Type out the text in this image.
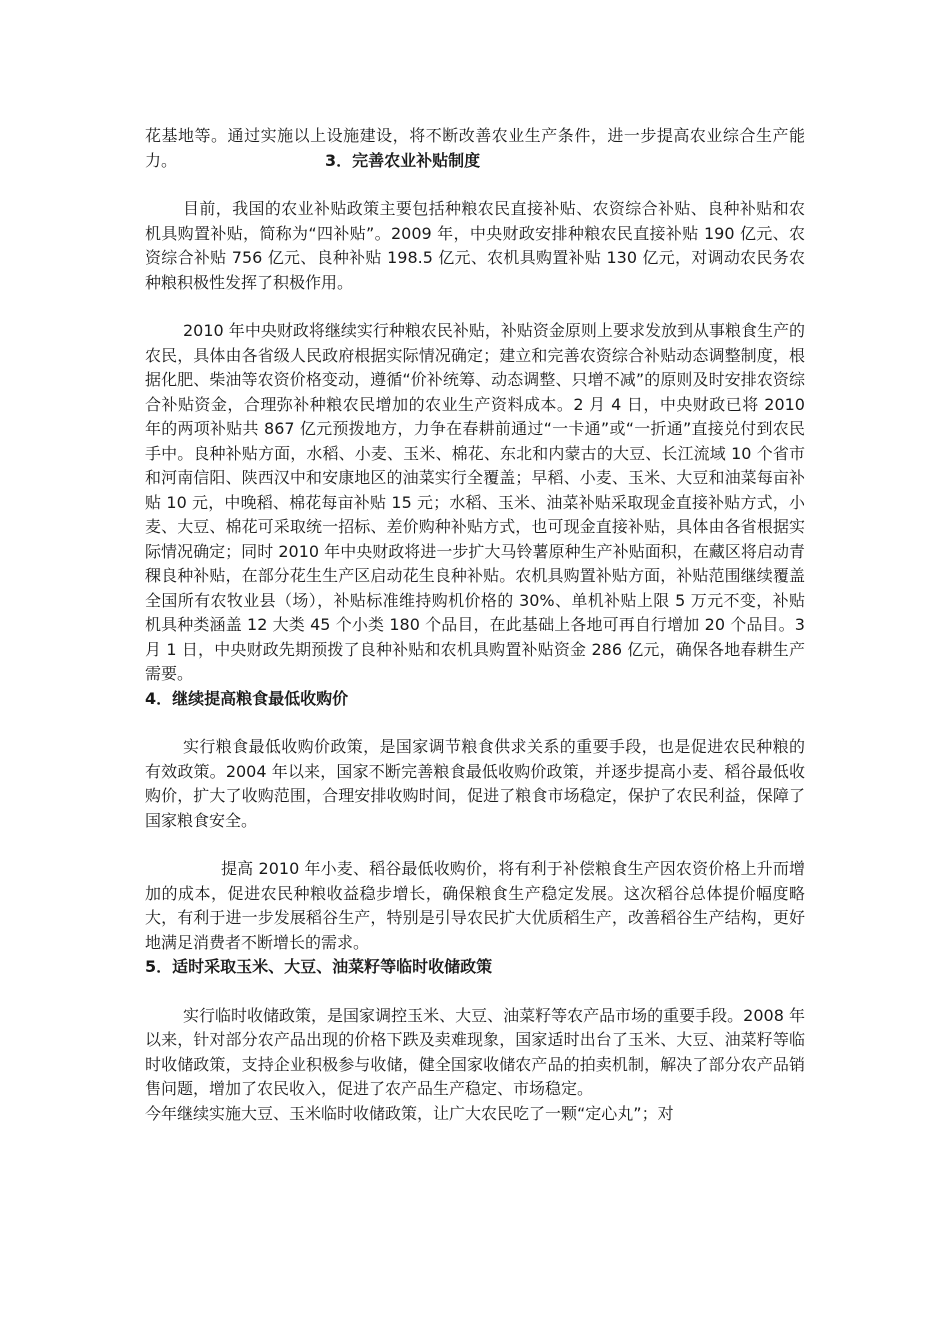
花基地等。通过实施以上设施建设，将不断改善农业生产条件，进一步提高农业综合生产能力。	3．完善农业补贴制度

目前，我国的农业补贴政策主要包括种粮农民直接补贴、农资综合补贴、良种补贴和农机具购置补贴，简称为“四补贴”。2009 年，中央财政安排种粮农民直接补贴 190 亿元、农资综合补贴 756 亿元、良种补贴 198.5 亿元、农机具购置补贴 130 亿元，对调动农民务农种粮积极性发挥了积极作用。

2010 年中央财政将继续实行种粮农民补贴，补贴资金原则上要求发放到从事粮食生产的农民，具体由各省级人民政府根据实际情况确定；建立和完善农资综合补贴动态调整制度，根据化肥、柴油等农资价格变动，遵循“价补统筹、动态调整、只增不减”的原则及时安排农资综合补贴资金，合理弥补种粮农民增加的农业生产资料成本。2 月 4 日，中央财政已将 2010 年的两项补贴共 867 亿元预拨地方，力争在春耕前通过“一卡通”或“一折通”直接兑付到农民手中。良种补贴方面，水稻、小麦、玉米、棉花、东北和内蒙古的大豆、长江流域 10 个省市和河南信阳、陕西汉中和安康地区的油菜实行全覆盖；早稻、小麦、玉米、大豆和油菜每亩补贴 10 元，中晚稻、棉花每亩补贴 15 元；水稻、玉米、油菜补贴采取现金直接补贴方式，小麦、大豆、棉花可采取统一招标、差价购种补贴方式，也可现金直接补贴，具体由各省根据实际情况确定；同时 2010 年中央财政将进一步扩大马铃薯原种生产补贴面积，在藏区将启动青稞良种补贴，在部分花生生产区启动花生良种补贴。农机具购置补贴方面，补贴范围继续覆盖全国所有农牧业县（场），补贴标准维持购机价格的 30%、单机补贴上限 5 万元不变，补贴机具种类涵盖 12 大类 45 个小类 180 个品目，在此基础上各地可再自行增加 20 个品目。3 月 1 日，中央财政先期预拨了良种补贴和农机具购置补贴资金 286 亿元，确保各地春耕生产需要。

4．继续提高粮食最低收购价

实行粮食最低收购价政策，是国家调节粮食供求关系的重要手段，也是促进农民种粮的有效政策。2004 年以来，国家不断完善粮食最低收购价政策，并逐步提高小麦、稻谷最低收购价，扩大了收购范围，合理安排收购时间，促进了粮食市场稳定，保护了农民利益，保障了国家粮食安全。

提高 2010 年小麦、稻谷最低收购价，将有利于补偿粮食生产因农资价格上升而增加的成本，促进农民种粮收益稳步增长，确保粮食生产稳定发展。这次稻谷总体提价幅度略大，有利于进一步发展稻谷生产，特别是引导农民扩大优质稻生产，改善稻谷生产结构，更好地满足消费者不断增长的需求。

5．适时采取玉米、大豆、油菜籽等临时收储政策

实行临时收储政策，是国家调控玉米、大豆、油菜籽等农产品市场的重要手段。2008 年以来，针对部分农产品出现的价格下跌及卖难现象，国家适时出台了玉米、大豆、油菜籽等临时收储政策，支持企业积极参与收储，健全国家收储农产品的拍卖机制，解决了部分农产品销售问题，增加了农民收入，促进了农产品生产稳定、市场稳定。

今年继续实施大豆、玉米临时收储政策，让广大农民吃了一颗“定心丸”；对
